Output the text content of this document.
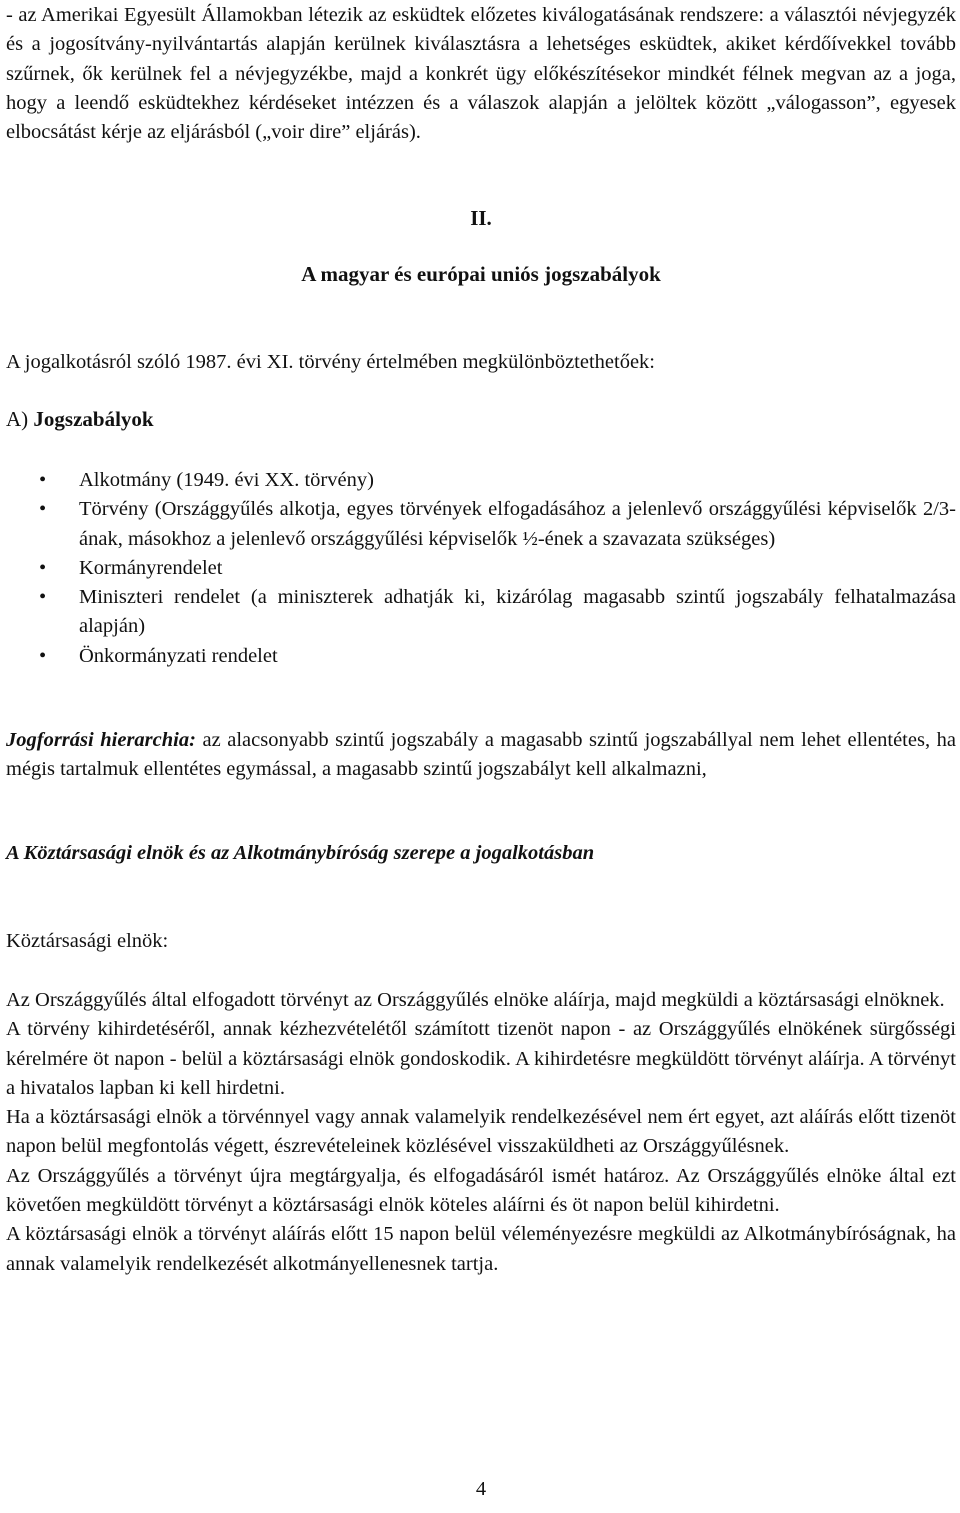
- az Amerikai Egyesült Államokban létezik az esküdtek előzetes kiválogatásának rendszere: a választói névjegyzék és a jogosítvány-nyilvántartás alapján kerülnek kiválasztásra a lehetséges esküdtek, akiket kérdőívekkel tovább szűrnek, ők kerülnek fel a névjegyzékbe, majd a konkrét ügy előkészítésekor mindkét félnek megvan az a joga, hogy a leendő esküdtekhez kérdéseket intézzen és a válaszok alapján a jelöltek között „válogasson”, egyesek elbocsátást kérje az eljárásból („voir dire” eljárás).

II.
A magyar és európai uniós jogszabályok

A jogalkotásról szóló 1987. évi XI. törvény értelmében megkülönböztethetőek:

A) Jogszabályok
• Alkotmány (1949. évi XX. törvény)
• Törvény (Országgyűlés alkotja, egyes törvények elfogadásához a jelenlevő országgyűlési képviselők 2/3-ának, másokhoz a jelenlevő országgyűlési képviselők ½-ének a szavazata szükséges)
• Kormányrendelet
• Miniszteri rendelet (a miniszterek adhatják ki, kizárólag magasabb szintű jogszabály felhatalmazása alapján)
• Önkormányzati rendelet

Jogforrási hierarchia: az alacsonyabb szintű jogszabály a magasabb szintű jogszabállyal nem lehet ellentétes, ha mégis tartalmuk ellentétes egymással, a magasabb szintű jogszabályt kell alkalmazni,

A Köztársasági elnök és az Alkotmánybíróság szerepe a jogalkotásban
Köztársasági elnök:

Az Országgyűlés által elfogadott törvényt az Országgyűlés elnöke aláírja, majd megküldi a köztársasági elnöknek.

A törvény kihirdetéséről, annak kézhezvételétől számított tizenöt napon - az Országgyűlés elnökének sürgősségi kérelmére öt napon - belül a köztársasági elnök gondoskodik. A kihirdetésre megküldött törvényt aláírja. A törvényt a hivatalos lapban ki kell hirdetni.

Ha a köztársasági elnök a törvénnyel vagy annak valamelyik rendelkezésével nem ért egyet, azt aláírás előtt tizenöt napon belül megfontolás végett, észrevételeinek közlésével visszaküldheti az Országgyűlésnek.

Az Országgyűlés a törvényt újra megtárgyalja, és elfogadásáról ismét határoz. Az Országgyűlés elnöke által ezt követően megküldött törvényt a köztársasági elnök köteles aláírni és öt napon belül kihirdetni.

A köztársasági elnök a törvényt aláírás előtt 15 napon belül véleményezésre megküldi az Alkotmánybíróságnak, ha annak valamelyik rendelkezését alkotmányellenesnek tartja.

4
